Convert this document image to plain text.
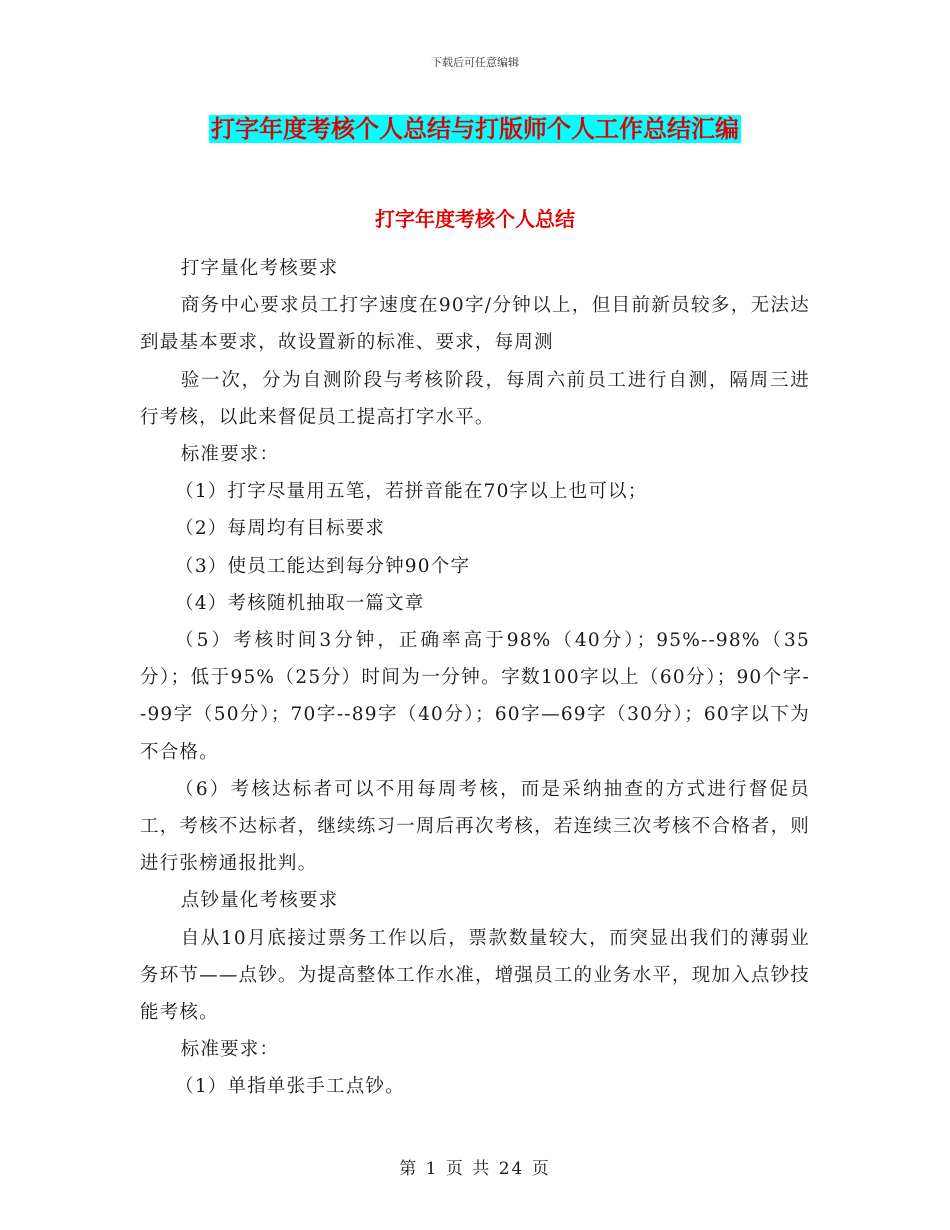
下载后可任意编辑
打字年度考核个人总结与打版师个人工作总结汇编
打字年度考核个人总结

打字量化考核要求

商务中心要求员工打字速度在90字/分钟以上，但目前新员较多，无法达到最基本要求，故设置新的标准、要求，每周测

验一次，分为自测阶段与考核阶段，每周六前员工进行自测，隔周三进行考核，以此来督促员工提高打字水平。

标准要求：

（1）打字尽量用五笔，若拼音能在70字以上也可以；

（2）每周均有目标要求

（3）使员工能达到每分钟90个字

（4）考核随机抽取一篇文章

（5）考核时间3分钟，正确率高于98%（40分）；95%--98%（35分）；低于95%（25分）时间为一分钟。字数100字以上（60分）；90个字--99字（50分）；70字--89字（40分）；60字—69字（30分）；60字以下为不合格。

（6）考核达标者可以不用每周考核，而是采纳抽查的方式进行督促员工，考核不达标者，继续练习一周后再次考核，若连续三次考核不合格者，则进行张榜通报批判。

点钞量化考核要求

自从10月底接过票务工作以后，票款数量较大，而突显出我们的薄弱业务环节——点钞。为提高整体工作水准，增强员工的业务水平，现加入点钞技能考核。

标准要求：

（1）单指单张手工点钞。

第 1 页 共 24 页
